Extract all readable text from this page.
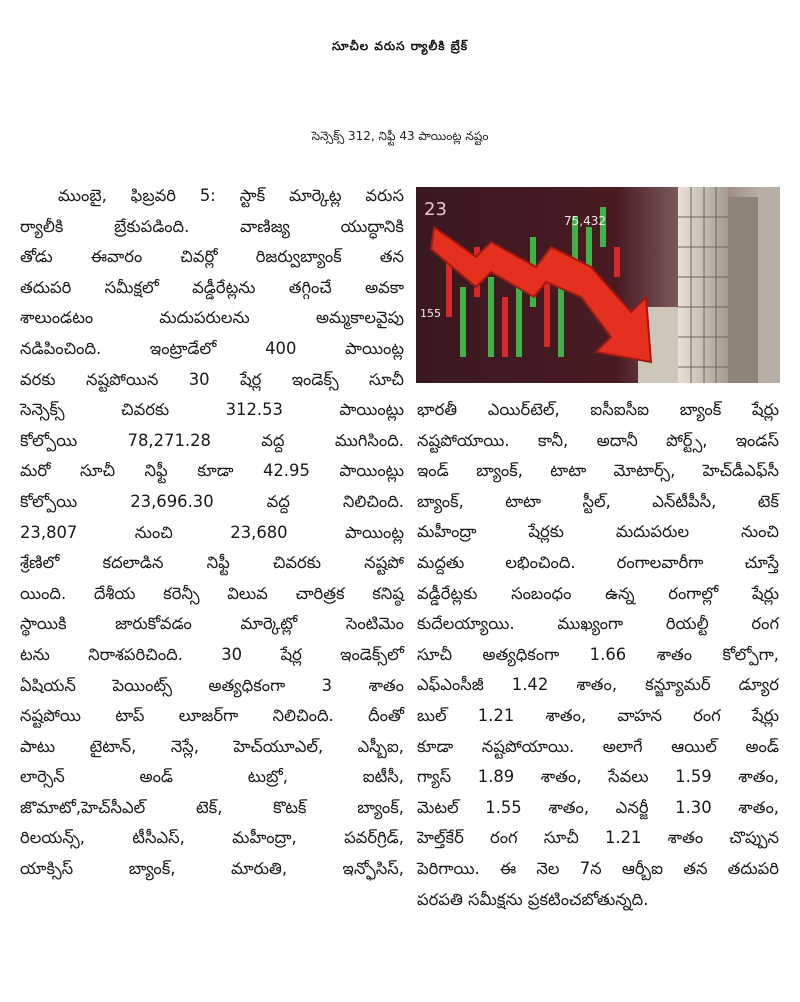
సూచీల వరుస ర్యాలీకి బ్రేక్
సెన్సెక్స్ 312, నిఫ్టీ 43 పాయింట్ల నష్టం
ముంబై, ఫిబ్రవరి 5: స్టాక్ మార్కెట్ల వరుస
ర్యాలీకి బ్రేకుపడింది. వాణిజ్య యుద్ధానికి
తోడు ఈవారం చివర్లో రిజర్వుబ్యాంక్ తన
తదుపరి సమీక్షలో వడ్డీరేట్లను తగ్గించే అవకా
శాలుండటం మదుపరులను అమ్మకాలవైపు
నడిపించింది. ఇంట్రాడేలో 400 పాయింట్ల
వరకు నష్టపోయిన 30 షేర్ల ఇండెక్స్ సూచీ
సెన్సెక్స్ చివరకు 312.53 పాయింట్లు
కోల్పోయి 78,271.28 వద్ద ముగిసింది.
మరో సూచీ నిఫ్టీ కూడా 42.95 పాయింట్లు
కోల్పోయి 23,696.30 వద్ద నిలిచింది.
23,807 నుంచి 23,680 పాయింట్ల
శ్రేణిలో కదలాడిన నిఫ్టీ చివరకు నష్టపో
యింది. దేశీయ కరెన్సీ విలువ చారిత్రక కనిష్ఠ
స్థాయికి జారుకోవడం మార్కెట్లో సెంటిమెం
టను నిరాశపరిచింది. 30 షేర్ల ఇండెక్స్‌లో
ఏషియన్ పెయింట్స్ అత్యధికంగా 3 శాతం
నష్టపోయి టాప్ లూజర్‌గా నిలిచింది. దీంతో
పాటు టైటాన్, నెస్లే, హెచ్‌యూఎల్, ఎస్బీఐ,
లార్సెన్ అండ్ టుబ్రో, ఐటీసీ,
జొమాటో,హెచ్‌సీఎల్ టెక్, కొటక్ బ్యాంక్,
రిలయన్స్, టీసీఎస్, మహీంద్రా, పవర్‌గ్రిడ్,
యాక్సిస్ బ్యాంక్, మారుతి, ఇన్ఫోసిస్,
23
75,432
155
భారతీ ఎయిర్‌టెల్, ఐసీఐసీఐ బ్యాంక్ షేర్లు
నష్టపోయాయి. కానీ, అదానీ పోర్ట్స్, ఇండస్
ఇండ్ బ్యాంక్, టాటా మోటార్స్, హెచ్‌డీఎఫ్‌సీ
బ్యాంక్, టాటా స్టీల్, ఎన్‌టీపీసీ, టెక్
మహీంద్రా షేర్లకు మదుపరుల నుంచి
మద్దతు లభించింది. రంగాలవారీగా చూస్తే
వడ్డీరేట్లకు సంబంధం ఉన్న రంగాల్లో షేర్లు
కుదేలయ్యాయి. ముఖ్యంగా రియల్టీ రంగ
సూచీ అత్యధికంగా 1.66 శాతం కోల్పోగా,
ఎఫ్‌ఎంసీజీ 1.42 శాతం, కన్జ్యూమర్ డ్యూర
బుల్ 1.21 శాతం, వాహన రంగ షేర్లు
కూడా నష్టపోయాయి. అలాగే ఆయిల్ అండ్
గ్యాస్ 1.89 శాతం, సేవలు 1.59 శాతం,
మెటల్ 1.55 శాతం, ఎనర్జీ 1.30 శాతం,
హెల్త్‌కేర్ రంగ సూచీ 1.21 శాతం చొప్పున
పెరిగాయి. ఈ నెల 7న ఆర్బీఐ తన తదుపరి
పరపతి సమీక్షను ప్రకటించబోతున్నది.
